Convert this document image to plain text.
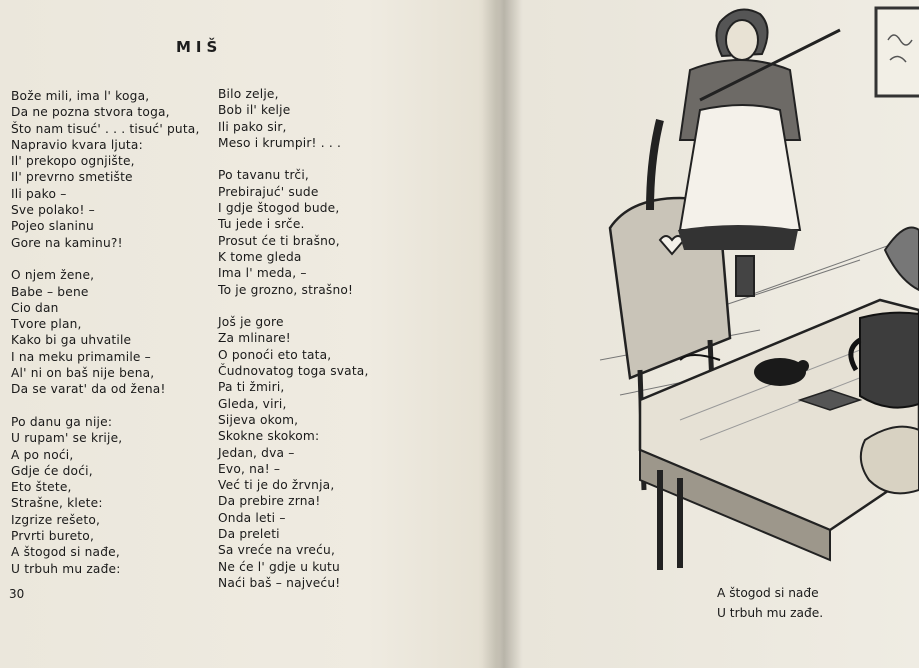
MIŠ
Bože mili, ima l' koga,
Da ne pozna stvora toga,
Što nam tisuć' . . . tisuć' puta,
Napravio kvara ljuta:
Il' prekopo ognjište,
Il' prevrno smetište
Ili pako –
Sve polako! –
Pojeo slaninu
Gore na kaminu?!
O njem žene,
Babe – bene
Cio dan
Tvore plan,
Kako bi ga uhvatile
I na meku primamile –
Al' ni on baš nije bena,
Da se varat' da od žena!
Po danu ga nije:
U rupam' se krije,
A po noći,
Gdje će doći,
Eto štete,
Strašne, klete:
Izgrize rešeto,
Prvrti bureto,
A štogod si nađe,
U trbuh mu zađe:
Bilo zelje,
Bob il' kelje
Ili pako sir,
Meso i krumpir! . . .
Po tavanu trči,
Prebirajuć' sude
I gdje štogod bude,
Tu jede i srče.
Prosut će ti brašno,
K tome gleda
Ima l' meda, –
To je grozno, strašno!
Još je gore
Za mlinare!
O ponoći eto tata,
Čudnovatog toga svata,
Pa ti žmiri,
Gleda, viri,
Sijeva okom,
Skokne skokom:
Jedan, dva –
Evo, na! –
Već ti je do žrvnja,
Da prebire zrna!
Onda leti –
Da preleti
Sa vreće na vreću,
Ne će l' gdje u kutu
Naći baš – najveću!
30	A štogod si nađe
U trbuh mu zađe.
